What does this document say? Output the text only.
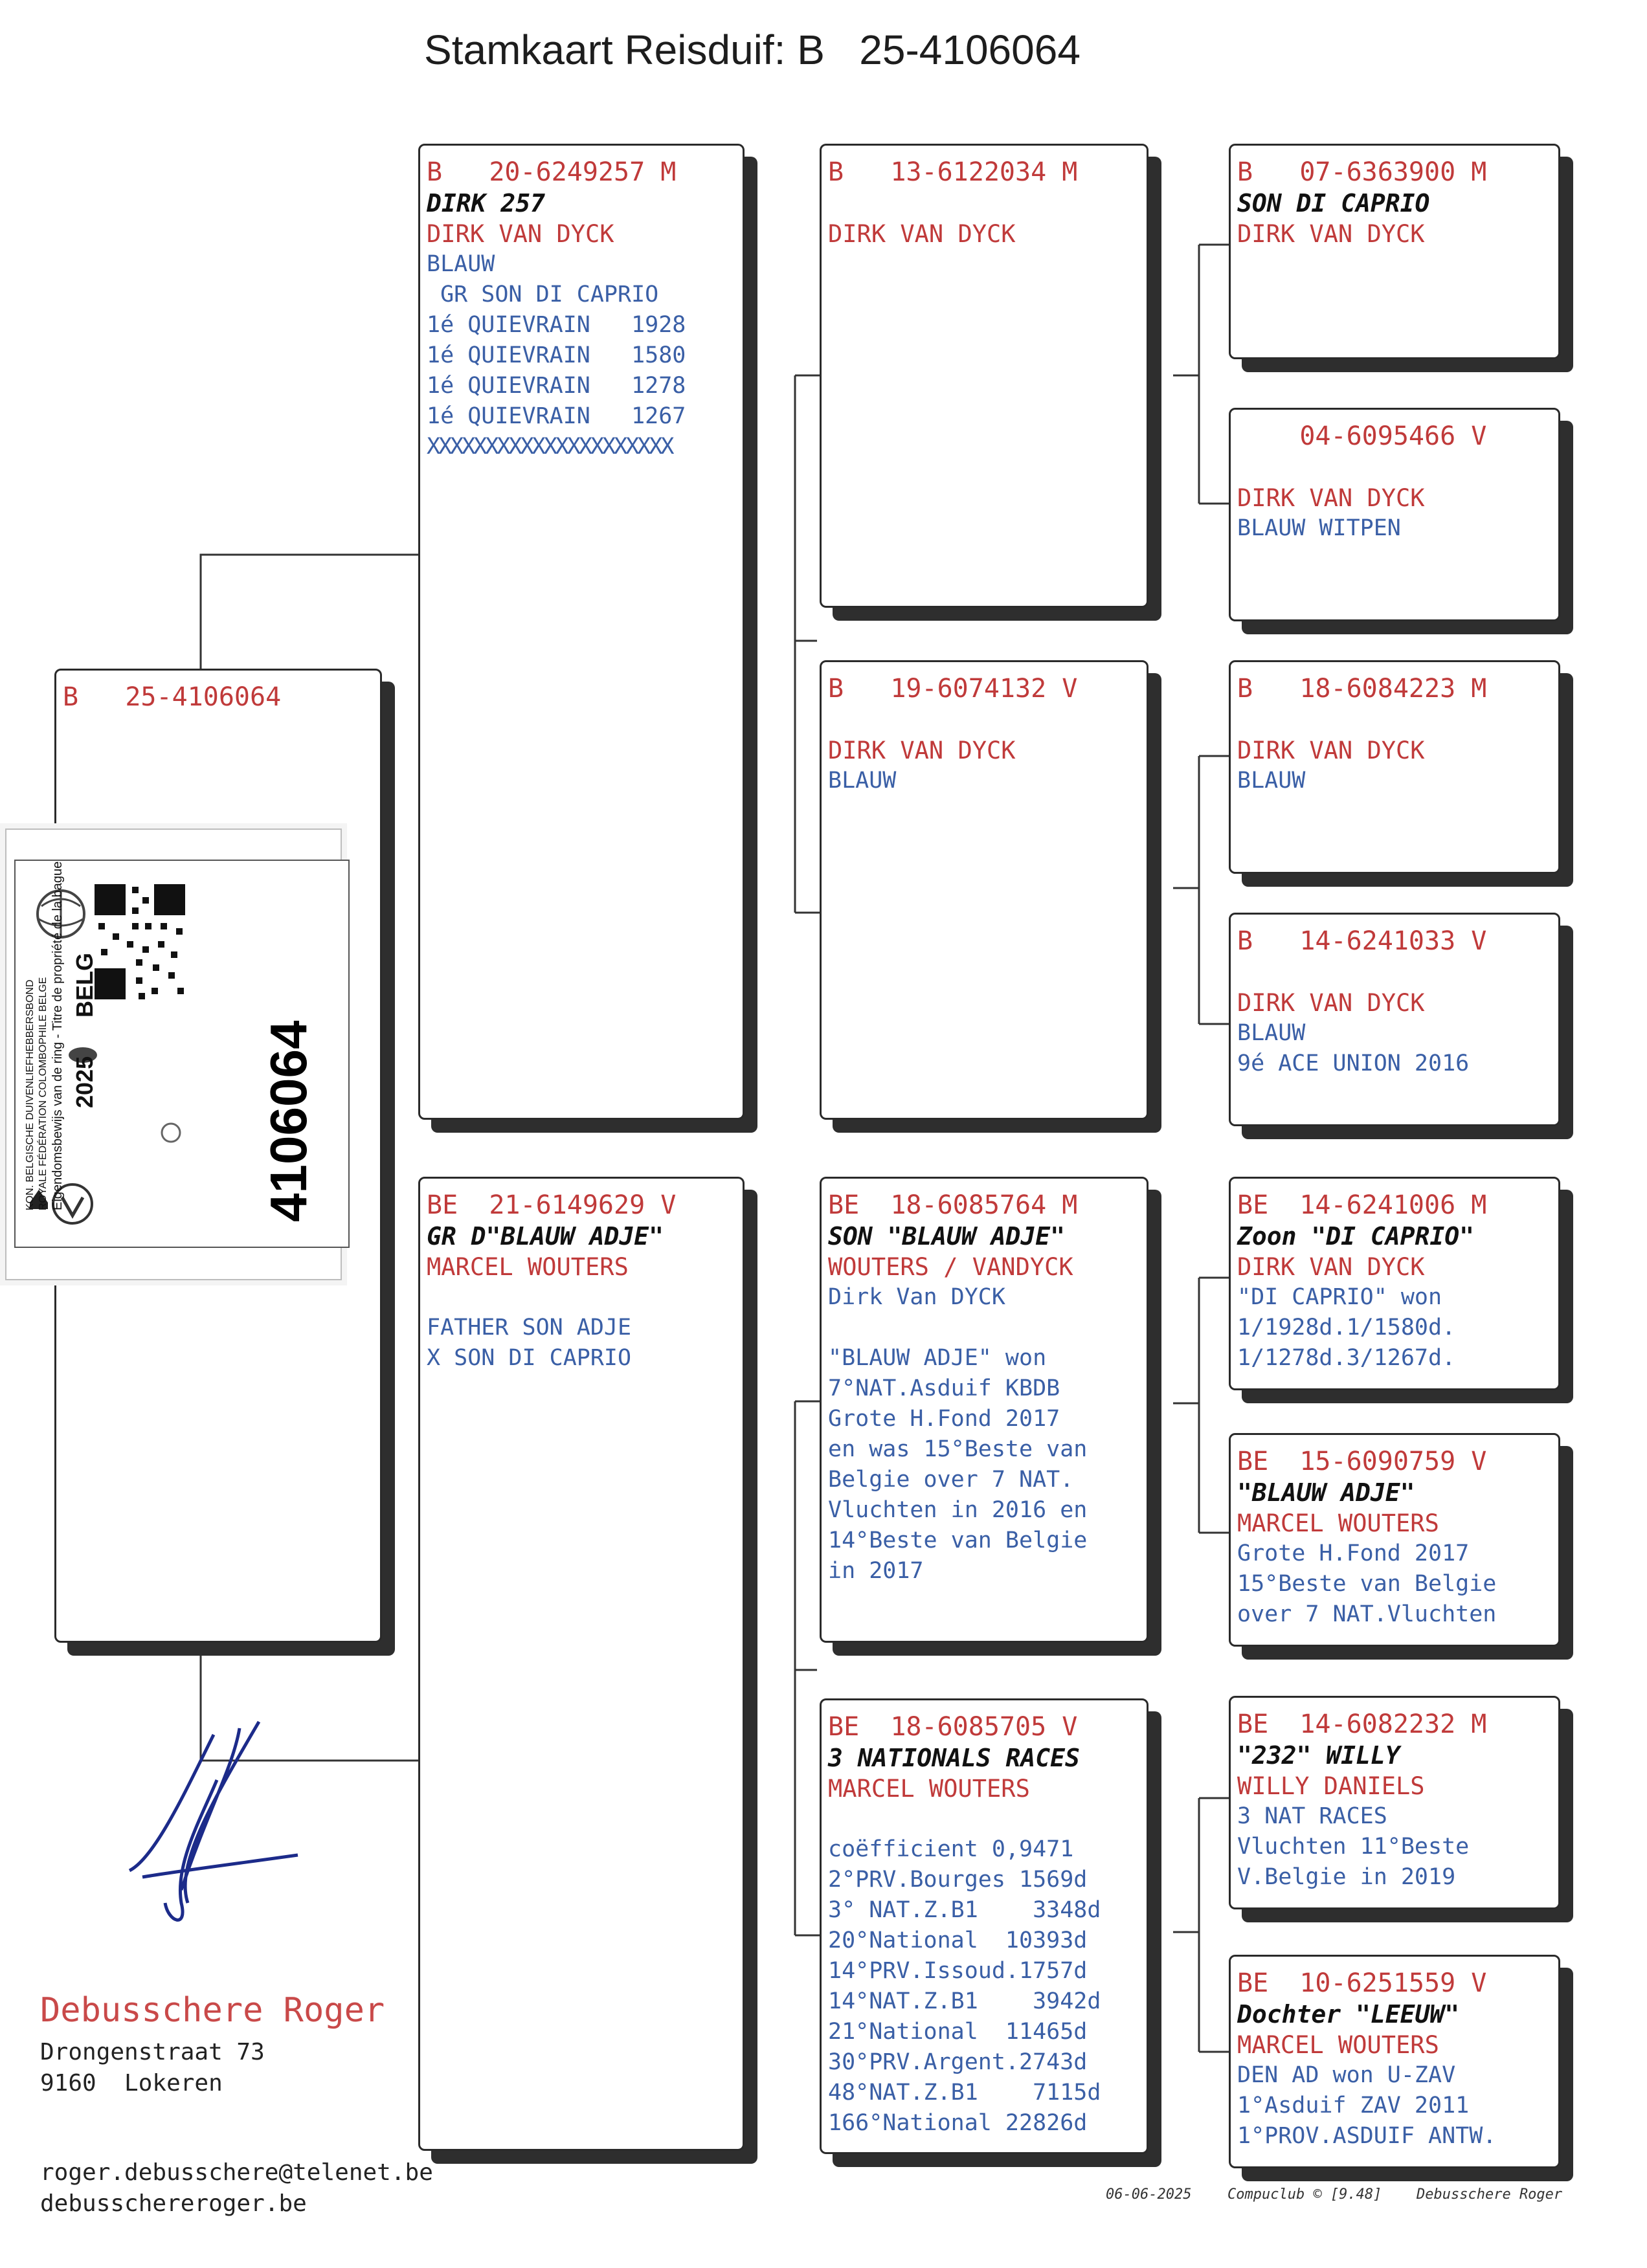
Stamkaart Reisduif: B   25-4106064
B   25-4106064
B   20-6249257 M
DIRK 257
DIRK VAN DYCK
BLAUW
GR SON DI CAPRIO
1é QUIEVRAIN   1928
1é QUIEVRAIN   1580
1é QUIEVRAIN   1278
1é QUIEVRAIN   1267
XXXXXXXXXXXXXXXXXXXXX
BE  21-6149629 V
GR D"BLAUW ADJE"
MARCEL WOUTERS
FATHER SON ADJE
X SON DI CAPRIO
B   13-6122034 M
DIRK VAN DYCK
B   19-6074132 V
DIRK VAN DYCK
BLAUW
BE  18-6085764 M
SON "BLAUW ADJE"
WOUTERS / VANDYCK
Dirk Van DYCK
"BLAUW ADJE" won
7°NAT.Asduif KBDB
Grote H.Fond 2017
en was 15°Beste van
Belgie over 7 NAT.
Vluchten in 2016 en
14°Beste van Belgie
in 2017
BE  18-6085705 V
3 NATIONALS RACES
MARCEL WOUTERS
coëfficient 0,9471
2°PRV.Bourges 1569d
3° NAT.Z.B1    3348d
20°National  10393d
14°PRV.Issoud.1757d
14°NAT.Z.B1    3942d
21°National  11465d
30°PRV.Argent.2743d
48°NAT.Z.B1    7115d
166°National 22826d
B   07-6363900 M
SON DI CAPRIO
DIRK VAN DYCK
04-6095466 V
DIRK VAN DYCK
BLAUW WITPEN
B   18-6084223 M
DIRK VAN DYCK
BLAUW
B   14-6241033 V
DIRK VAN DYCK
BLAUW
9é ACE UNION 2016
BE  14-6241006 M
Zoon "DI CAPRIO"
DIRK VAN DYCK
"DI CAPRIO" won
1/1928d.1/1580d.
1/1278d.3/1267d.
BE  15-6090759 V
"BLAUW ADJE"
MARCEL WOUTERS
Grote H.Fond 2017
15°Beste van Belgie
over 7 NAT.Vluchten
BE  14-6082232 M
"232" WILLY
WILLY DANIELS
3 NAT RACES
Vluchten 11°Beste
V.Belgie in 2019
BE  10-6251559 V
Dochter "LEEUW"
MARCEL WOUTERS
DEN AD won U-ZAV
1°Asduif ZAV 2011
1°PROV.ASDUIF ANTW.
KON. BELGISCHE DUIVENLIEFHEBBERSBOND ROYALE FÉDÉRATION COLOMBOPHILE BELGE Eigendomsbewijs van de ring - Titre de propriété de la bague 2025
BELG
4106064
Debusschere Roger
Drongenstraat 73
9160  Lokeren
roger.debusschere@telenet.be
debusschereroger.be	06-06-2025	Compuclub © [9.48] Debusschere Roger
